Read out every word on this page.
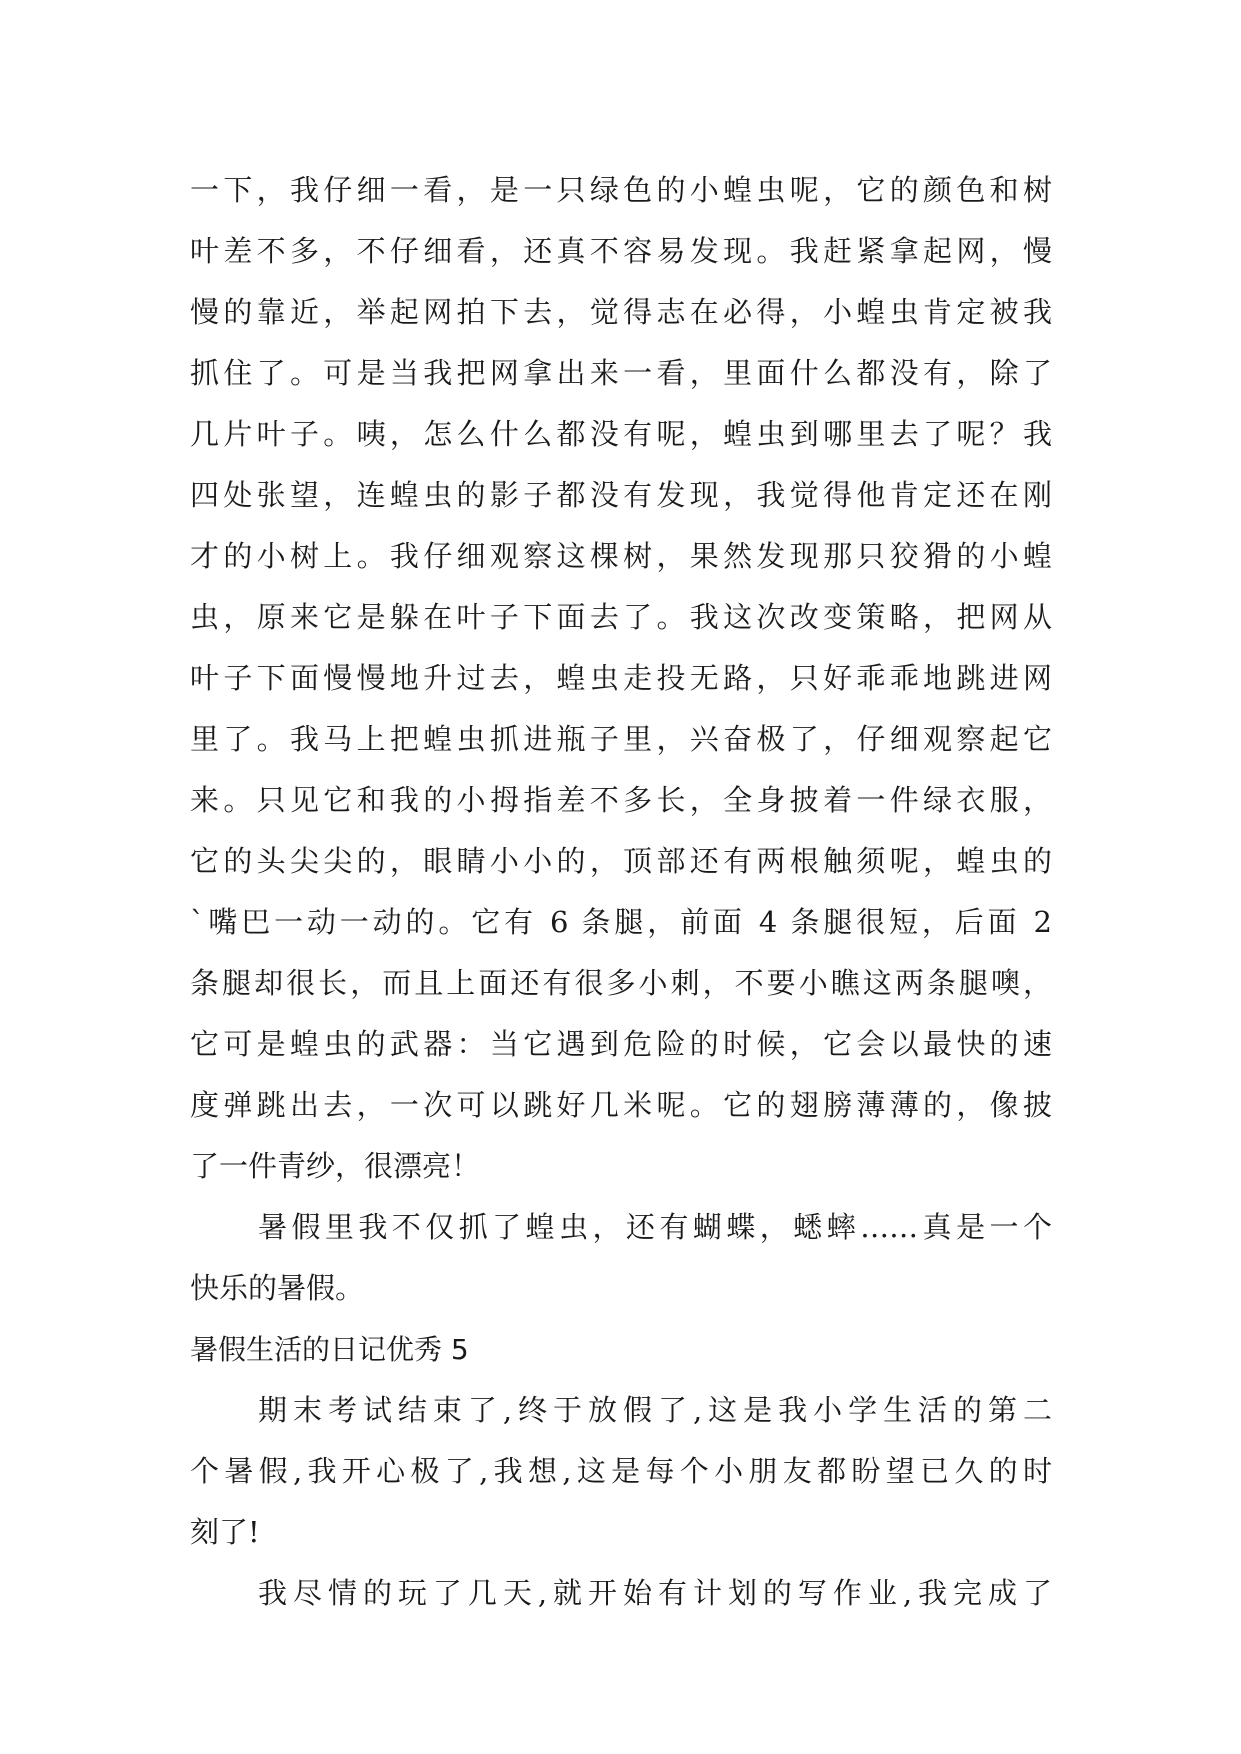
一下，我仔细一看，是一只绿色的小蝗虫呢，它的颜色和树
叶差不多，不仔细看，还真不容易发现。我赶紧拿起网，慢
慢的靠近，举起网拍下去，觉得志在必得，小蝗虫肯定被我
抓住了。可是当我把网拿出来一看，里面什么都没有，除了
几片叶子。咦，怎么什么都没有呢，蝗虫到哪里去了呢？我
四处张望，连蝗虫的影子都没有发现，我觉得他肯定还在刚
才的小树上。我仔细观察这棵树，果然发现那只狡猾的小蝗
虫，原来它是躲在叶子下面去了。我这次改变策略，把网从
叶子下面慢慢地升过去，蝗虫走投无路，只好乖乖地跳进网
里了。我马上把蝗虫抓进瓶子里，兴奋极了，仔细观察起它
来。只见它和我的小拇指差不多长，全身披着一件绿衣服，
它的头尖尖的，眼睛小小的，顶部还有两根触须呢，蝗虫的
`嘴巴一动一动的。它有 6 条腿，前面 4 条腿很短，后面 2
条腿却很长，而且上面还有很多小刺，不要小瞧这两条腿噢，
它可是蝗虫的武器：当它遇到危险的时候，它会以最快的速
度弹跳出去，一次可以跳好几米呢。它的翅膀薄薄的，像披
了一件青纱，很漂亮！
暑假里我不仅抓了蝗虫，还有蝴蝶，蟋蟀……真是一个
快乐的暑假。
暑假生活的日记优秀 5
期末考试结束了,终于放假了,这是我小学生活的第二
个暑假,我开心极了,我想,这是每个小朋友都盼望已久的时
刻了!
我尽情的玩了几天,就开始有计划的写作业,我完成了
